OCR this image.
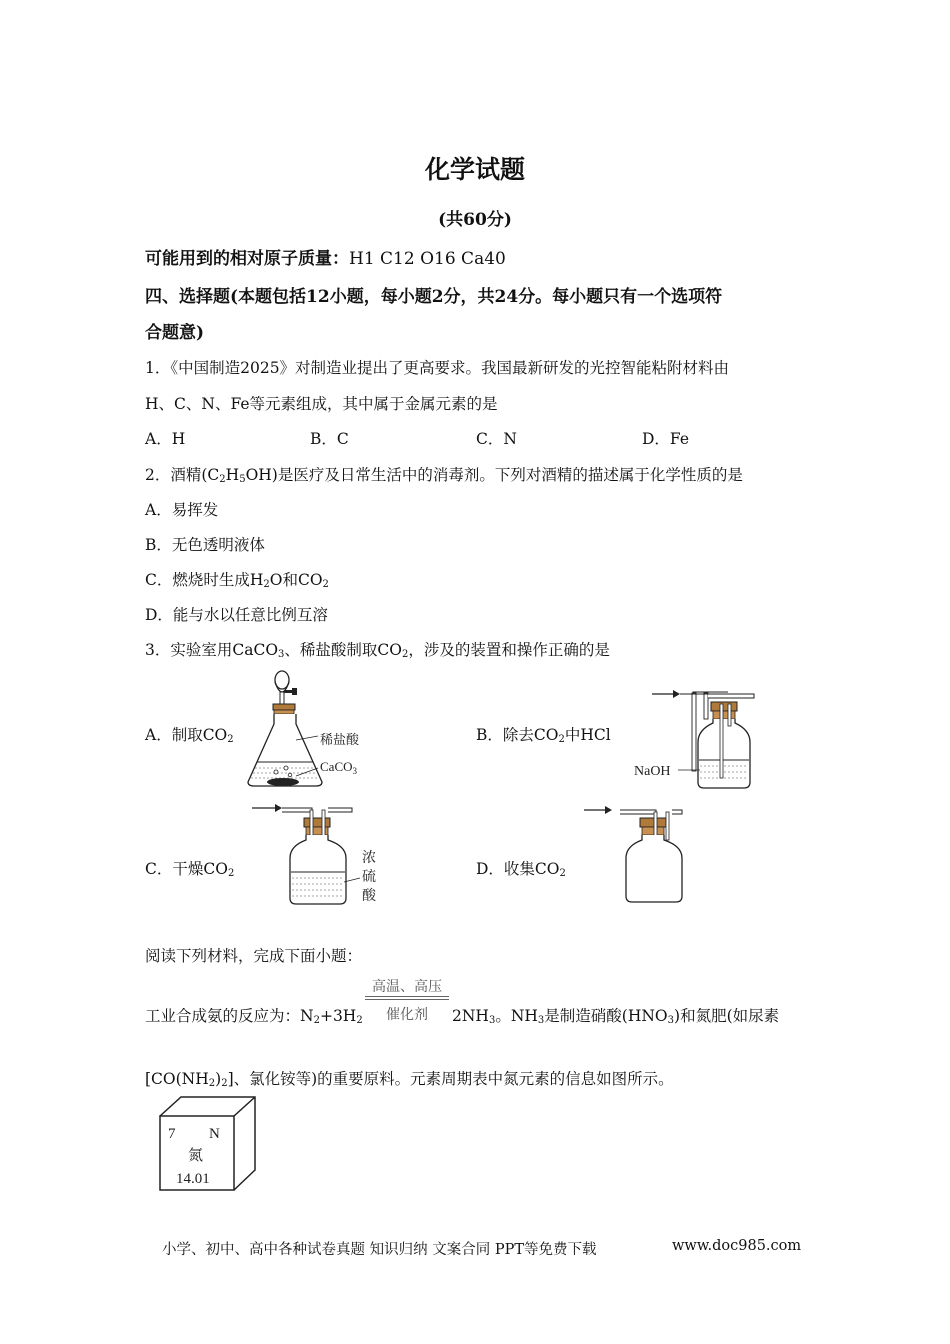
化学试题
(共60分)
可能用到的相对原子质量：H1 C12 O16 Ca40
四、选择题(本题包括12小题，每小题2分，共24分。每小题只有一个选项符
合题意)
1．《中国制造2025》对制造业提出了更高要求。我国最新研发的光控智能粘附材料由
H、C、N、Fe等元素组成，其中属于金属元素的是
A．H	B．C	C．N	D．Fe
2．酒精$(C_2H_5OH)$是医疗及日常生活中的消毒剂。下列对酒精的描述属于化学性质的是
A．易挥发
B．无色透明液体
C．燃烧时生成$H_2O$和$CO_2$
D．能与水以任意比例互溶
3．实验室用CaCO$_3$、稀盐酸制取$CO_2$，涉及的装置和操作正确的是
A．制取$CO_2$	B．除去$CO_2$中HCl
C．干燥$CO_2$	D．收集$CO_2$
稀盐酸
CaCO$_3$	NaOH
浓
硫
酸
阅读下列材料，完成下面小题：
高温、高压
催化剂
工业合成氨的反应为：$N_2+3H_2$	$2NH_3$。$NH_3$是制造硝酸$(HNO_3)$和氮肥(如尿素
$[CO(NH_2)_2]$、氯化铵等)的重要原料。元素周期表中氮元素的信息如图所示。
7 N
氮
14.01
小学、初中、高中各种试卷真题 知识归纳 文案合同 PPT等免费下载	www.doc985.com
